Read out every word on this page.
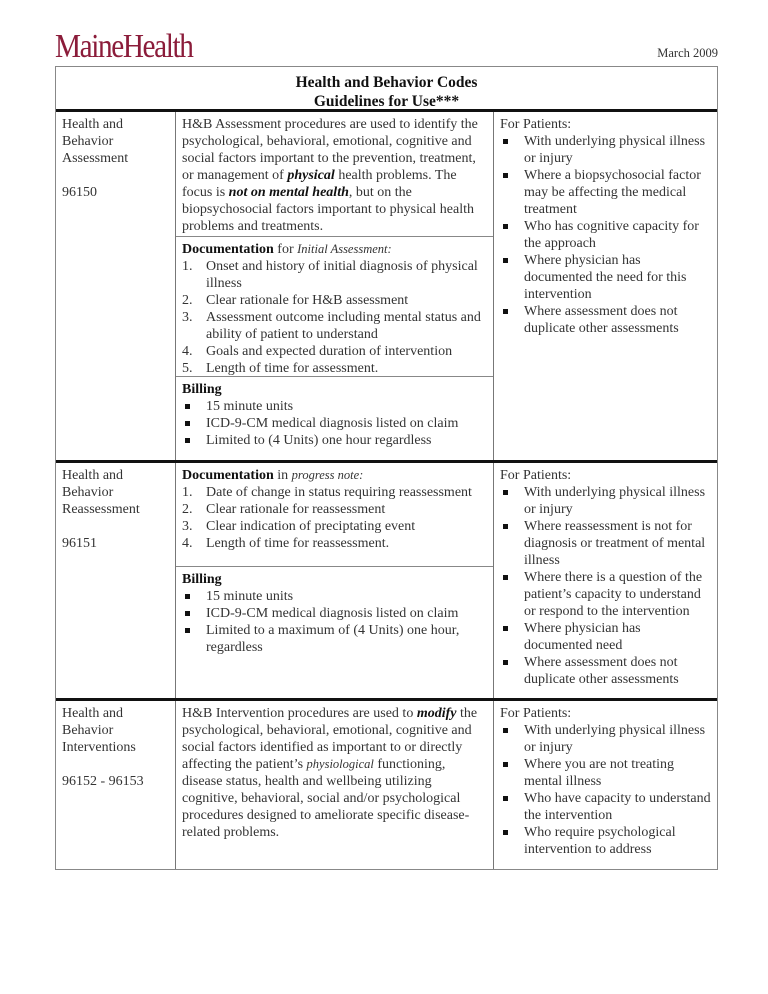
MaineHealth	March 2009
Health and Behavior Codes
Guidelines for Use***
Health and
Behavior
Assessment
96150
H&B Assessment procedures are used to identify the psychological, behavioral, emotional, cognitive and social factors important to the prevention, treatment, or management of physical health problems. The focus is not on mental health, but on the biopsychosocial factors important to physical health problems and treatments.
Documentation for Initial Assessment:
1. Onset and history of initial diagnosis of physical illness
2. Clear rationale for H&B assessment
3. Assessment outcome including mental status and ability of patient to understand
4. Goals and expected duration of intervention
5. Length of time for assessment.
Billing
15 minute units
ICD-9-CM medical diagnosis listed on claim
Limited to (4 Units) one hour regardless
For Patients:
With underlying physical illness or injury
Where a biopsychosocial factor may be affecting the medical treatment
Who has cognitive capacity for the approach
Where physician has documented the need for this intervention
Where assessment does not duplicate other assessments
Health and
Behavior
Reassessment
96151
Documentation in progress note:
1. Date of change in status requiring reassessment
2. Clear rationale for reassessment
3. Clear indication of preciptating event
4. Length of time for reassessment.
Billing
15 minute units
ICD-9-CM medical diagnosis listed on claim
Limited to a maximum of (4 Units) one hour, regardless
For Patients:
With underlying physical illness or injury
Where reassessment is not for diagnosis or treatment of mental illness
Where there is a question of the patient’s capacity to understand or respond to the intervention
Where physician has documented need
Where assessment does not duplicate other assessments
Health and
Behavior
Interventions
96152 - 96153
H&B Intervention procedures are used to modify the psychological, behavioral, emotional, cognitive and social factors identified as important to or directly affecting the patient’s physiological functioning, disease status, health and wellbeing utilizing cognitive, behavioral, social and/or psychological procedures designed to ameliorate specific disease-related problems.
For Patients:
With underlying physical illness or injury
Where you are not treating mental illness
Who have capacity to understand the intervention
Who require psychological intervention to address
